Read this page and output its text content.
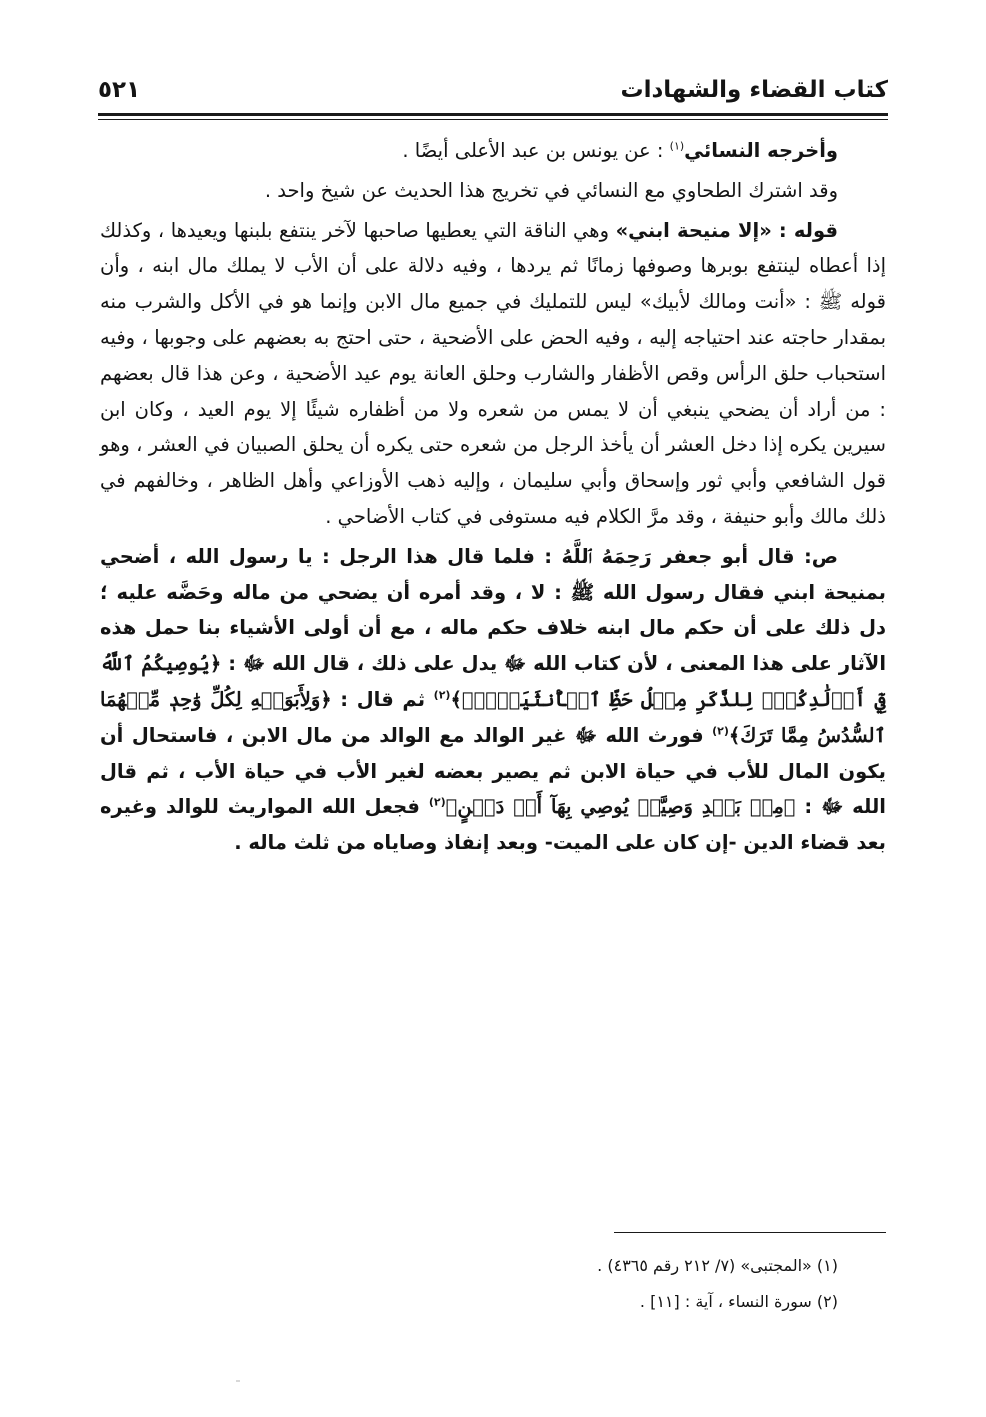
كتاب القضاء والشهادات
٥٢١

وأخرجه النسائي$^{(١)}$ : عن يونس بن عبد الأعلى أيضًا .

وقد اشترك الطحاوي مع النسائي في تخريج هذا الحديث عن شيخ واحد .

قوله : «إلا منيحة ابني» وهي الناقة التي يعطيها صاحبها لآخر ينتفع بلبنها ويعيدها ، وكذلك إذا أعطاه لينتفع بوبرها وصوفها زمانًا ثم يردها ، وفيه دلالة على أن الأب لا يملك مال ابنه ، وأن قوله ﷺ : «أنت ومالك لأبيك» ليس للتمليك في جميع مال الابن وإنما هو في الأكل والشرب منه بمقدار حاجته عند احتياجه إليه ، وفيه الحض على الأضحية ، حتى احتج به بعضهم على وجوبها ، وفيه استحباب حلق الرأس وقص الأظفار والشارب وحلق العانة يوم عيد الأضحية ، وعن هذا قال بعضهم : من أراد أن يضحي ينبغي أن لا يمس من شعره ولا من أظفاره شيئًا إلا يوم العيد ، وكان ابن سيرين يكره إذا دخل العشر أن يأخذ الرجل من شعره حتى يكره أن يحلق الصبيان في العشر ، وهو قول الشافعي وأبي ثور وإسحاق وأبي سليمان ، وإليه ذهب الأوزاعي وأهل الظاهر ، وخالفهم في ذلك مالك وأبو حنيفة ، وقد مرَّ الكلام فيه مستوفى في كتاب الأضاحي .

ص: قال أبو جعفر رَحِمَهُ ٱللَّهُ : فلما قال هذا الرجل : يا رسول الله ، أضحي بمنيحة ابني فقال رسول الله ﷺ : لا ، وقد أمره أن يضحي من ماله وحَضَّه عليه ؛ دل ذلك على أن حكم مال ابنه خلاف حكم ماله ، مع أن أولى الأشياء بنا حمل هذه الآثار على هذا المعنى ، لأن كتاب الله ﷻ يدل على ذلك ، قال الله ﷻ : ﴿يُوصِيكُمُ ٱللَّهُ فِيٓ أَوۡلَٰدِكُمۡۖ لِلذَّكَرِ مِثۡلُ حَظِّ ٱلۡأُنثَيَيۡنِۚ﴾$^{(٢)}$ ثم قال : ﴿وَلِأَبَوَيۡهِ لِكُلِّ وَٰحِدٖ مِّنۡهُمَا ٱلسُّدُسُ مِمَّا تَرَكَ﴾$^{(٢)}$ فورث الله ﷻ غير الوالد مع الوالد من مال الابن ، فاستحال أن يكون المال للأب في حياة الابن ثم يصير بعضه لغير الأب في حياة الأب ، ثم قال الله ﷻ : ﴿مِنۢ بَعۡدِ وَصِيَّةٖ يُوصِي بِهَآ أَوۡ دَيۡنٍ﴾$^{(٢)}$ فجعل الله المواريث للوالد وغيره بعد قضاء الدين -إن كان على الميت- وبعد إنفاذ وصاياه من ثلث ماله .

(١) «المجتبى» (٧/ ٢١٢ رقم ٤٣٦٥) .

(٢) سورة النساء ، آية : [١١] .
